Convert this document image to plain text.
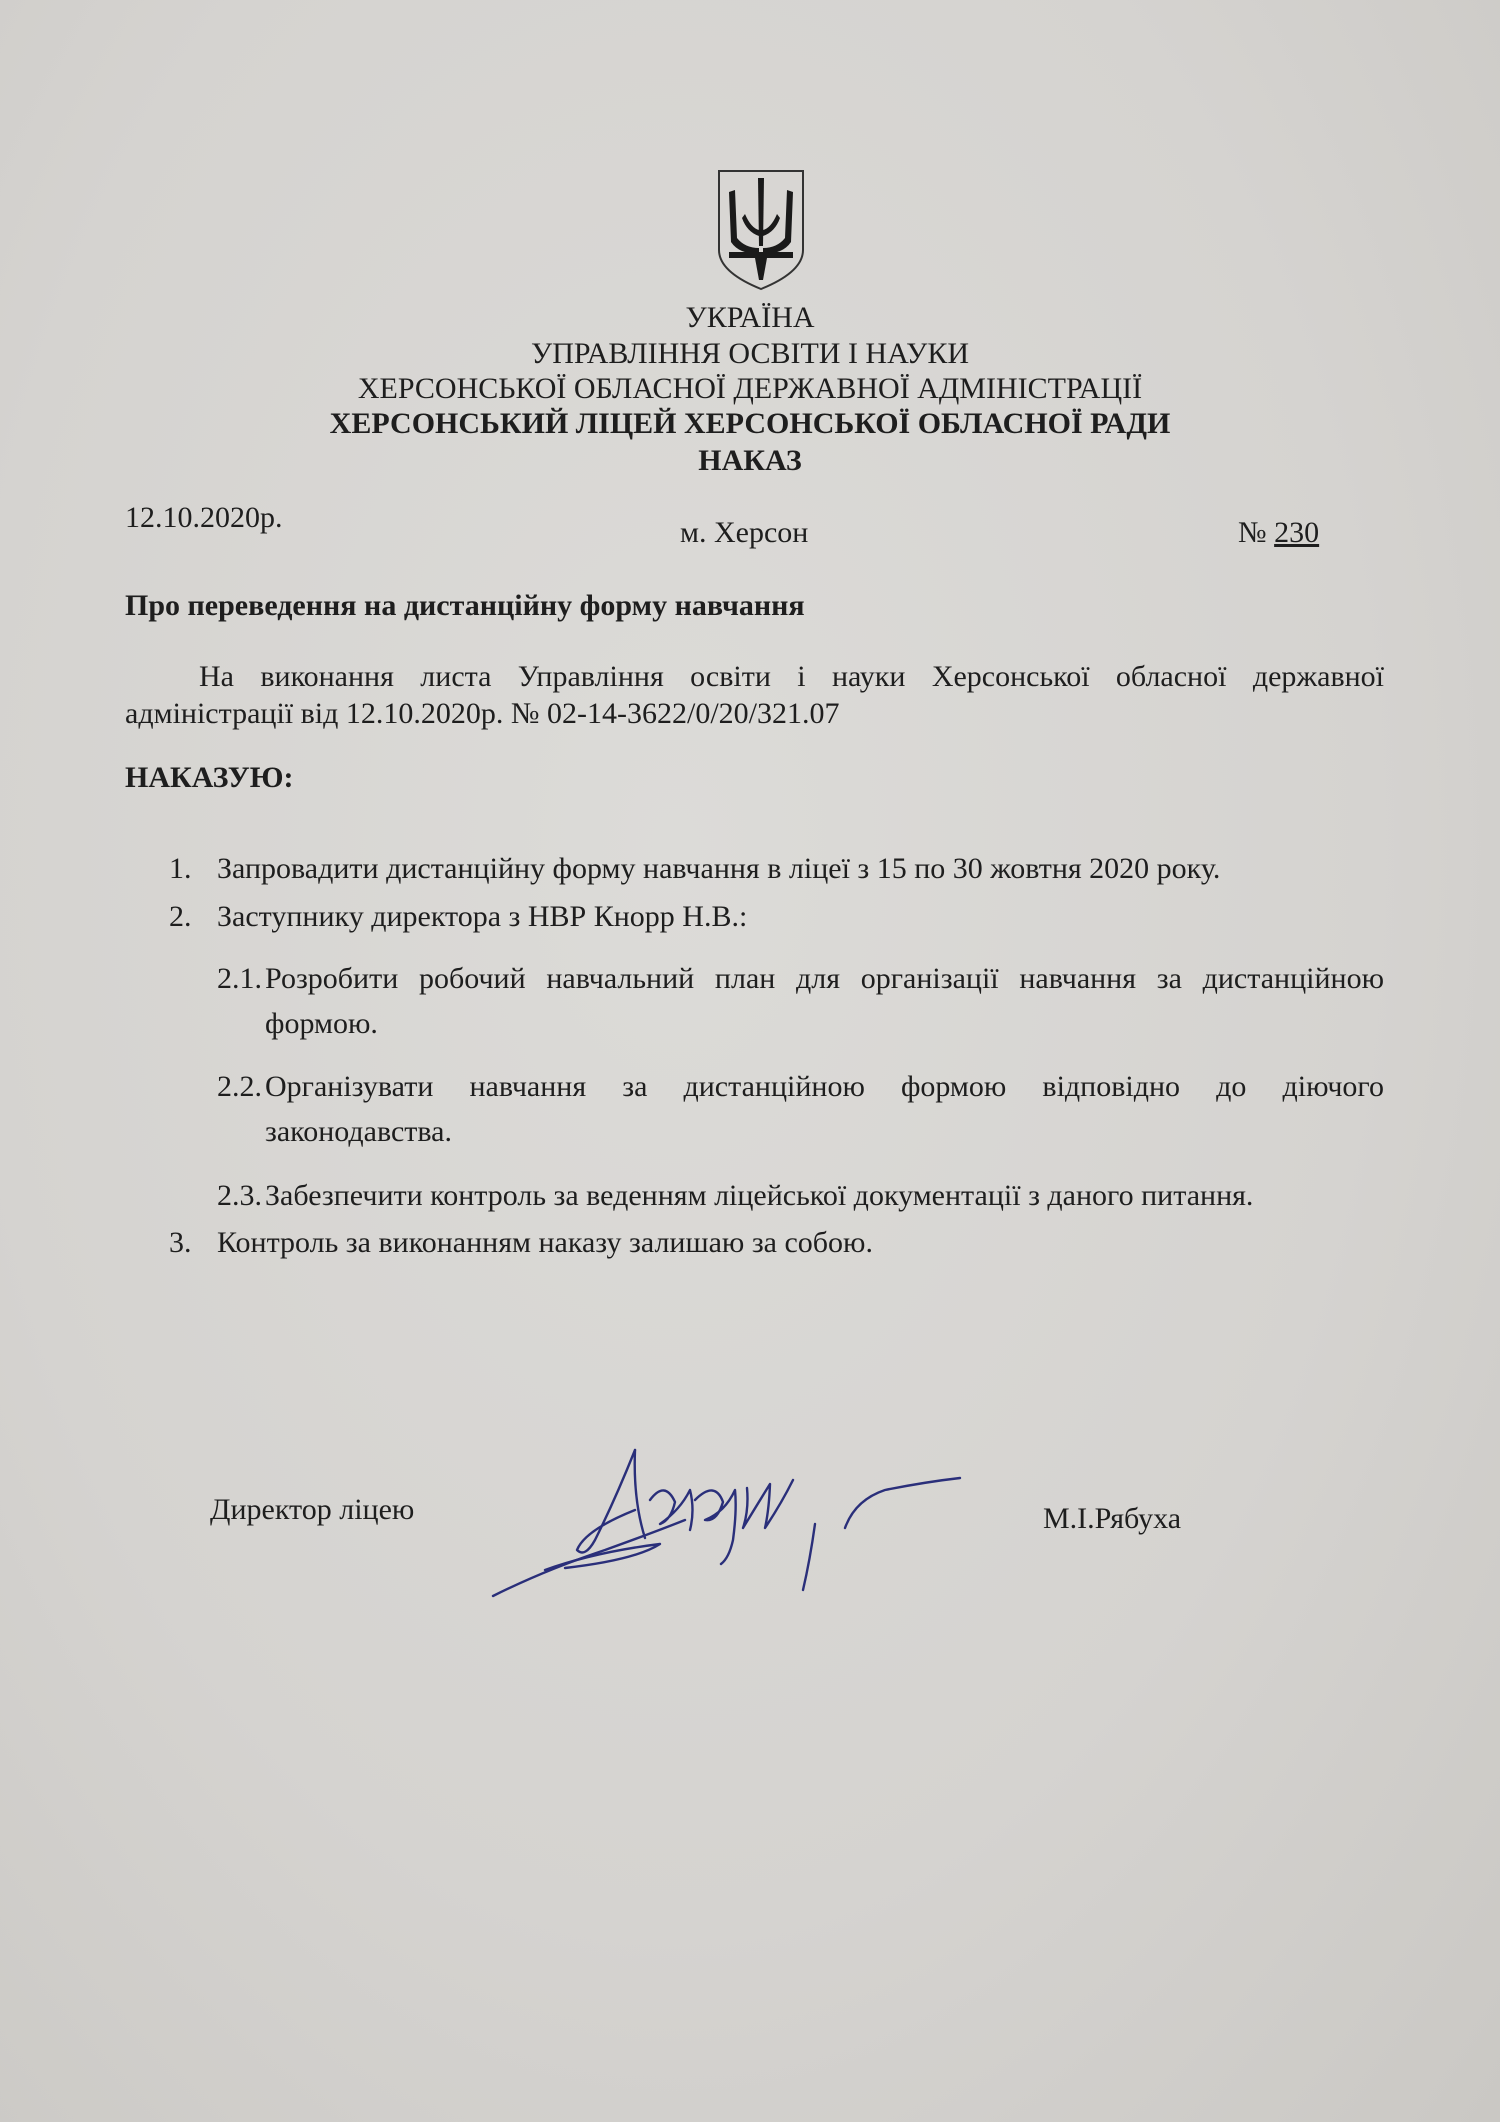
УКРАЇНА
УПРАВЛІННЯ ОСВІТИ І НАУКИ
ХЕРСОНСЬКОЇ ОБЛАСНОЇ ДЕРЖАВНОЇ АДМІНІСТРАЦІЇ
ХЕРСОНСЬКИЙ ЛІЦЕЙ ХЕРСОНСЬКОЇ ОБЛАСНОЇ РАДИ
НАКАЗ
12.10.2020р.	м. Херсон	№ 230
Про переведення на дистанційну форму навчання
На виконання листа Управління освіти і науки Херсонської обласної державної
адміністрації від 12.10.2020р. № 02-14-3622/0/20/321.07
НАКАЗУЮ:
1. Запровадити дистанційну форму навчання в ліцеї з 15 по 30 жовтня 2020 року.
2. Заступнику директора з НВР Кнорр Н.В.:
2.1. Розробити робочий навчальний план для організації навчання за дистанційною
формою.
2.2. Організувати навчання за дистанційною формою відповідно до діючого
законодавства.
2.3. Забезпечити контроль за веденням ліцейської документації з даного питання.
3. Контроль за виконанням наказу залишаю за собою.
Директор ліцею	М.І.Рябуха
